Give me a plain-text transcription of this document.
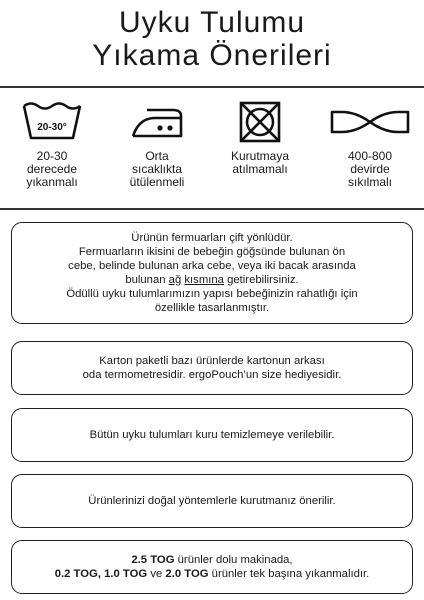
Uyku Tulumu
Yıkama Önerileri
20-30°
20-30
derecede
yıkanmalı
Orta
sıcaklıkta
ütülenmeli
Kurutmaya
atılmamalı
400-800
devirde
sıkılmalı

Ürünün fermuarları çift yönlüdür.

Fermuarların ikisini de bebeğin göğsünde bulunan ön

cebe, belinde bulunan arka cebe, veya iki bacak arasında

bulunan ağ kısmına getirebilirsiniz.

Ödüllü uyku tulumlarımızın yapısı bebeğinizin rahatlığı için

özellikle tasarlanmıştır.

Karton paketli bazı ürünlerde kartonun arkası

oda termometresidir. ergoPouch’un size hediyesidir.

Bütün uyku tulumları kuru temizlemeye verilebilir.

Ürünlerinizi doğal yöntemlerle kurutmanız önerilir.

2.5 TOG ürünler dolu makinada,

0.2 TOG, 1.0 TOG ve 2.0 TOG ürünler tek başına yıkanmalıdır.
